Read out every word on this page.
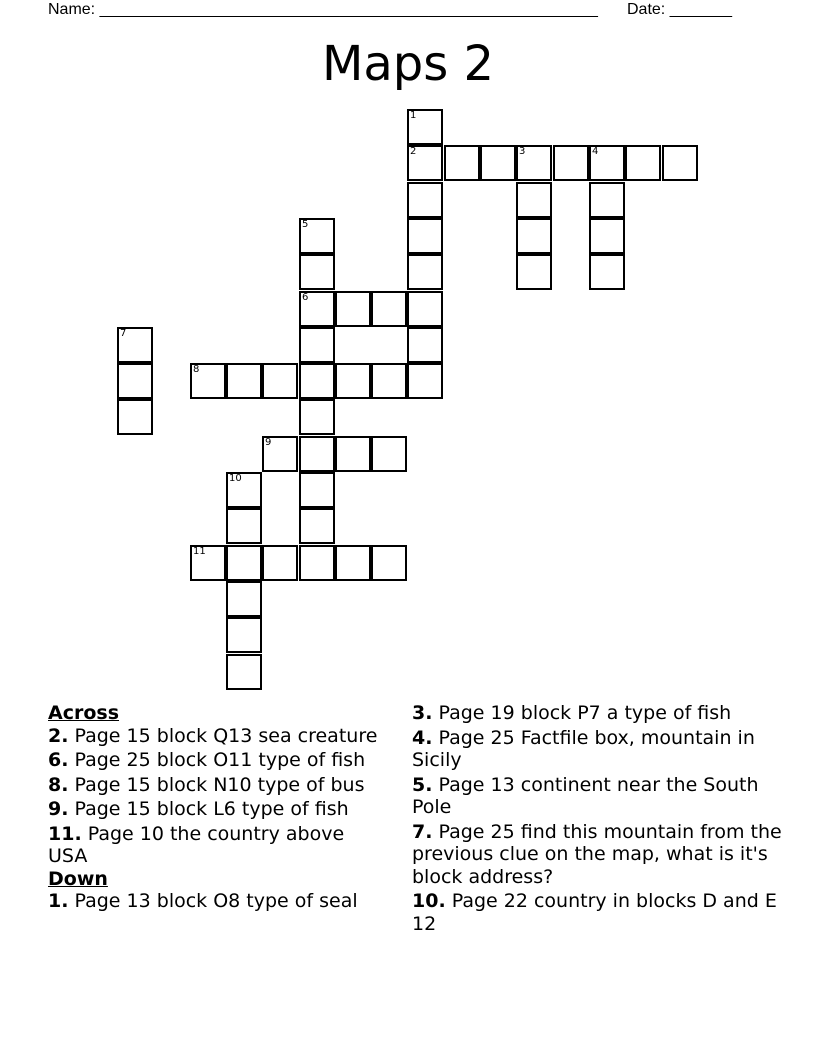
Name: ________________________________________________________ Date: _______
Maps 2
1
2	3	4
5
6
7
8
9
10
11
Across
2. Page 15 block Q13 sea creature
6. Page 25 block O11 type of fish
8. Page 15 block N10 type of bus
9. Page 15 block L6 type of fish
11. Page 10 the country above USA
Down
1. Page 13 block O8 type of seal
3. Page 19 block P7 a type of fish
4. Page 25 Factfile box, mountain in Sicily
5. Page 13 continent near the South Pole
7. Page 25 find this mountain from the previous clue on the map, what is it's block address?
10. Page 22 country in blocks D and E 12
